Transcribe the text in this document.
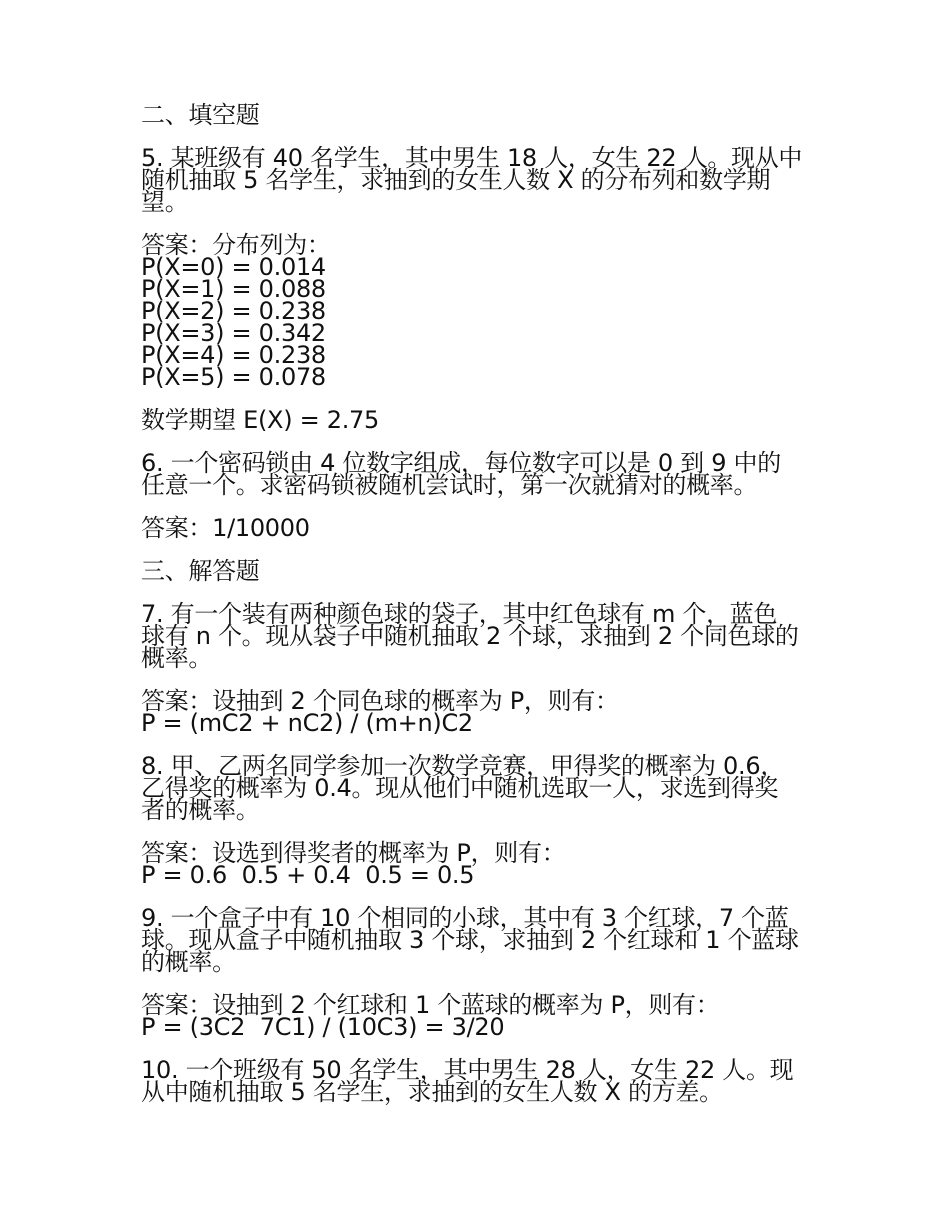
二、填空题

5. 某班级有 40 名学生，其中男生 18 人，女生 22 人。现从中
随机抽取 5 名学生，求抽到的女生人数 X 的分布列和数学期
望。

答案：分布列为：
P(X=0) = 0.014
P(X=1) = 0.088
P(X=2) = 0.238
P(X=3) = 0.342
P(X=4) = 0.238
P(X=5) = 0.078

数学期望 E(X) = 2.75

6. 一个密码锁由 4 位数字组成，每位数字可以是 0 到 9 中的
任意一个。求密码锁被随机尝试时，第一次就猜对的概率。

答案：1/10000

三、解答题

7. 有一个装有两种颜色球的袋子，其中红色球有 m 个，蓝色
球有 n 个。现从袋子中随机抽取 2 个球，求抽到 2 个同色球的
概率。

答案：设抽到 2 个同色球的概率为 P，则有：
P = (mC2 + nC2) / (m+n)C2

8. 甲、乙两名同学参加一次数学竞赛，甲得奖的概率为 0.6，
乙得奖的概率为 0.4。现从他们中随机选取一人，求选到得奖
者的概率。

答案：设选到得奖者的概率为 P，则有：
P = 0.6  0.5 + 0.4  0.5 = 0.5

9. 一个盒子中有 10 个相同的小球，其中有 3 个红球，7 个蓝
球。现从盒子中随机抽取 3 个球，求抽到 2 个红球和 1 个蓝球
的概率。

答案：设抽到 2 个红球和 1 个蓝球的概率为 P，则有：
P = (3C2  7C1) / (10C3) = 3/20

10. 一个班级有 50 名学生，其中男生 28 人，女生 22 人。现
从中随机抽取 5 名学生，求抽到的女生人数 X 的方差。
